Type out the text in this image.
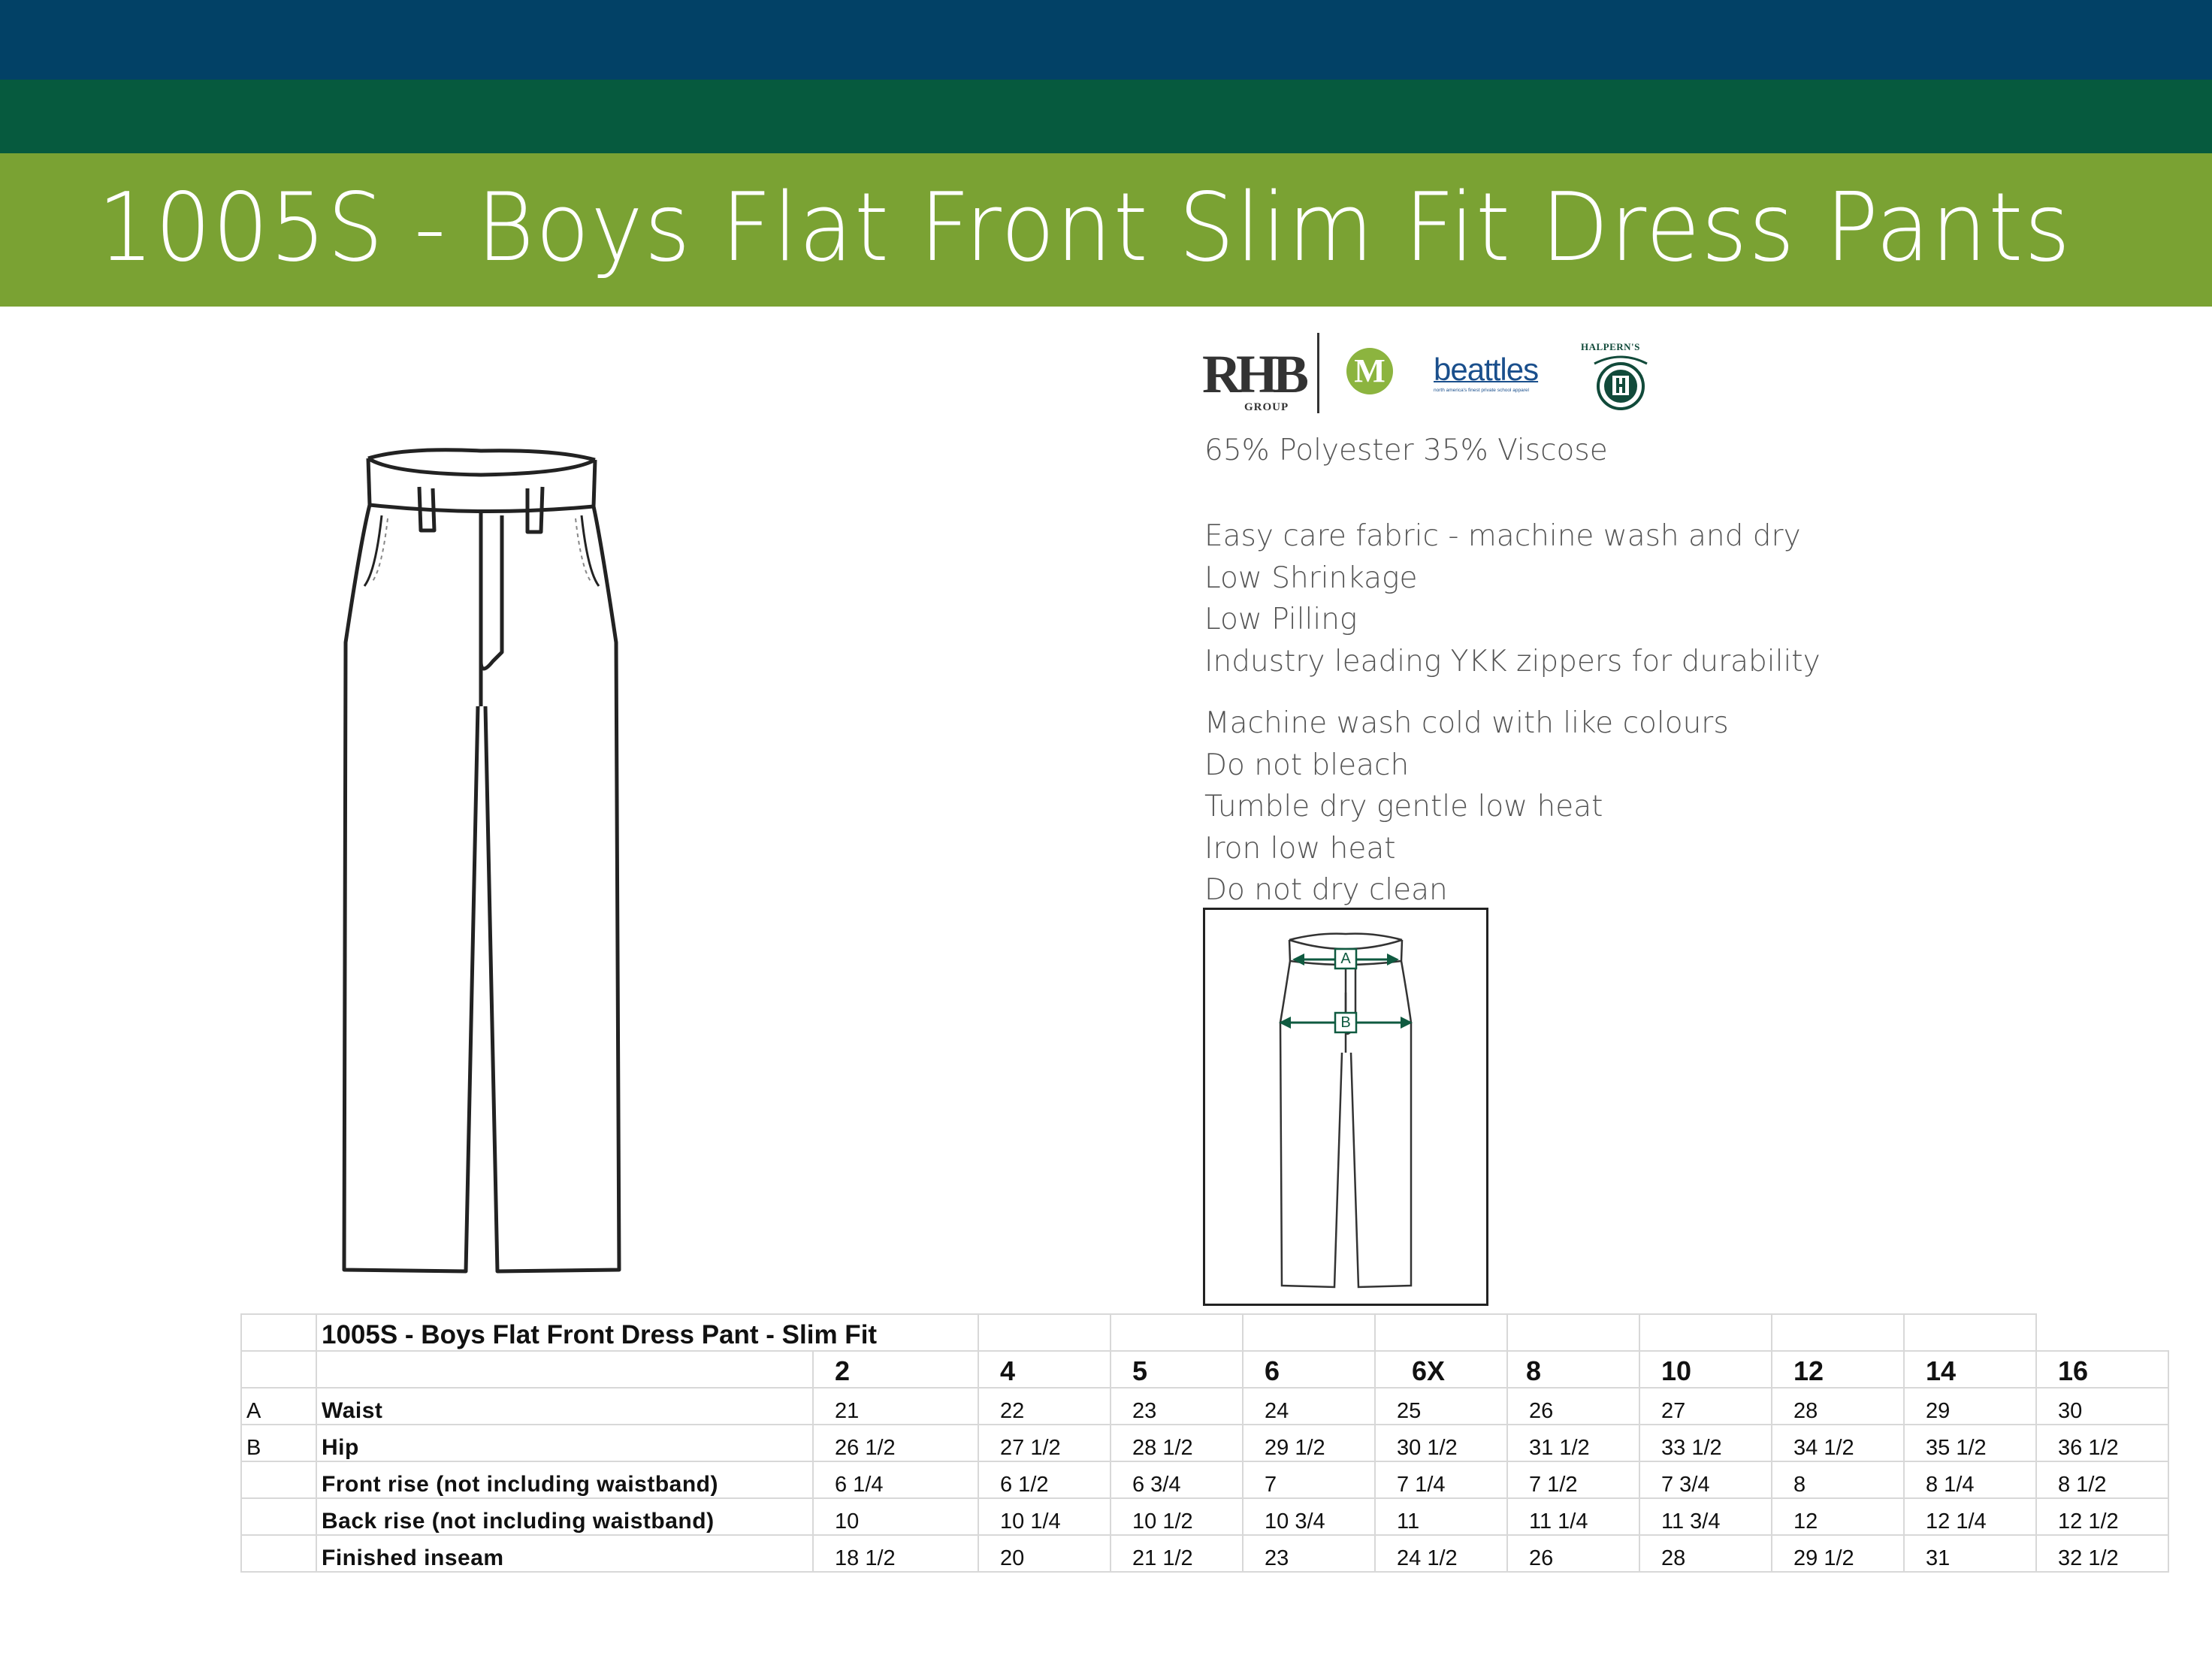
1005S - Boys Flat Front Slim Fit Dress Pants
RHB
GROUP
M beattles
north america's finest private school apparel
HALPERN'S
65% Polyester 35% Viscose
Easy care fabric - machine wash and dry
Low Shrinkage
Low Pilling
Industry leading YKK zippers for durability
Machine wash cold with like colours
Do not bleach
Tumble dry gentle low heat
Iron low heat
Do not dry clean
A
B
	1005S - Boys Flat Front Dress Pant - Slim Fit										
		2	4	5	6	6X	8	10	12	14	16
A	Waist	21	22	23	24	25	26	27	28	29	30
B	Hip	26 1/2	27 1/2	28 1/2	29 1/2	30 1/2	31 1/2	33 1/2	34 1/2	35 1/2	36 1/2
	Front rise (not including waistband)	6 1/4	6 1/2	6 3/4	7	7 1/4	7 1/2	7 3/4	8	8 1/4	8 1/2
	Back rise (not including waistband)	10	10 1/4	10 1/2	10 3/4	11	11 1/4	11 3/4	12	12 1/4	12 1/2
	Finished inseam	18 1/2	20	21 1/2	23	24 1/2	26	28	29 1/2	31	32 1/2
